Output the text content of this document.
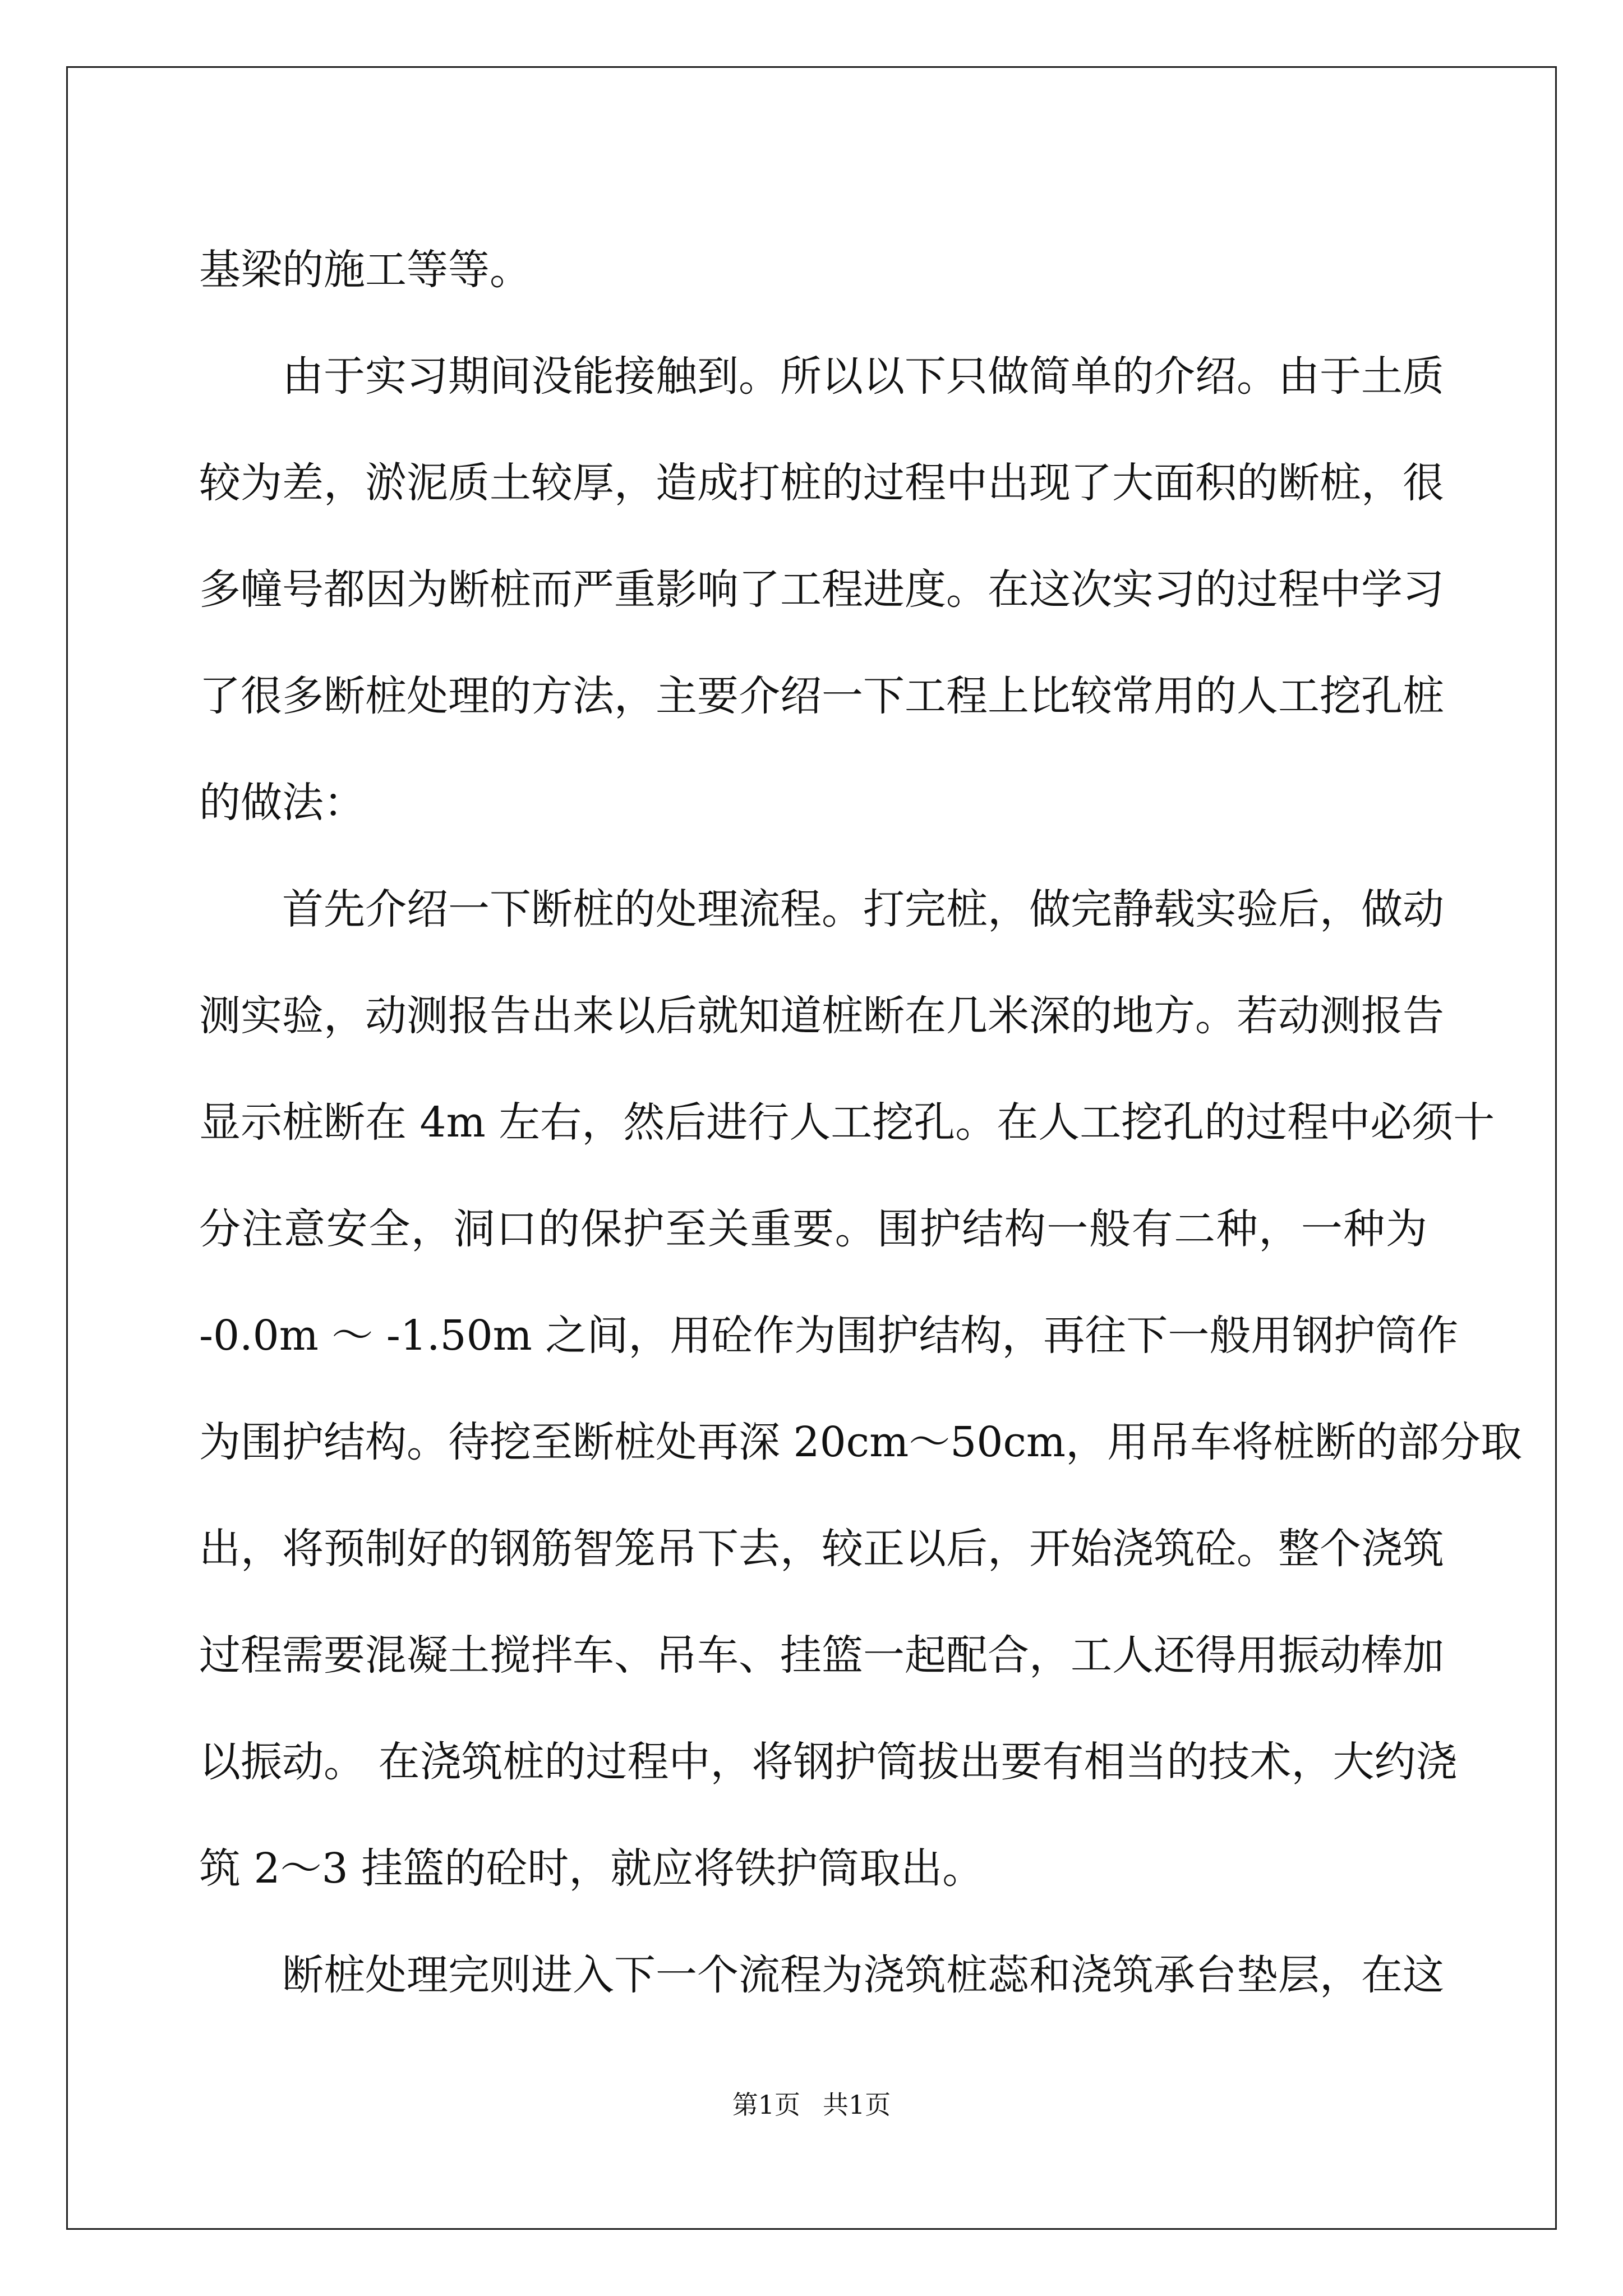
基梁的施工等等。
由于实习期间没能接触到。所以以下只做简单的介绍。由于土质
较为差，淤泥质土较厚，造成打桩的过程中出现了大面积的断桩，很
多幢号都因为断桩而严重影响了工程进度。在这次实习的过程中学习
了很多断桩处理的方法，主要介绍一下工程上比较常用的人工挖孔桩
的做法：
首先介绍一下断桩的处理流程。打完桩，做完静载实验后，做动
测实验，动测报告出来以后就知道桩断在几米深的地方。若动测报告
显示桩断在 4m 左右，然后进行人工挖孔。在人工挖孔的过程中必须十
分注意安全，洞口的保护至关重要。围护结构一般有二种，一种为
-0.0m ～ -1.50m 之间，用砼作为围护结构，再往下一般用钢护筒作
为围护结构。待挖至断桩处再深 20cm～50cm，用吊车将桩断的部分取
出，将预制好的钢筋智笼吊下去，较正以后，开始浇筑砼。整个浇筑
过程需要混凝土搅拌车、吊车、挂篮一起配合，工人还得用振动棒加
以振动。 在浇筑桩的过程中，将钢护筒拔出要有相当的技术，大约浇
筑 2～3 挂篮的砼时，就应将铁护筒取出。
断桩处理完则进入下一个流程为浇筑桩蕊和浇筑承台垫层，在这
第1页 共1页
